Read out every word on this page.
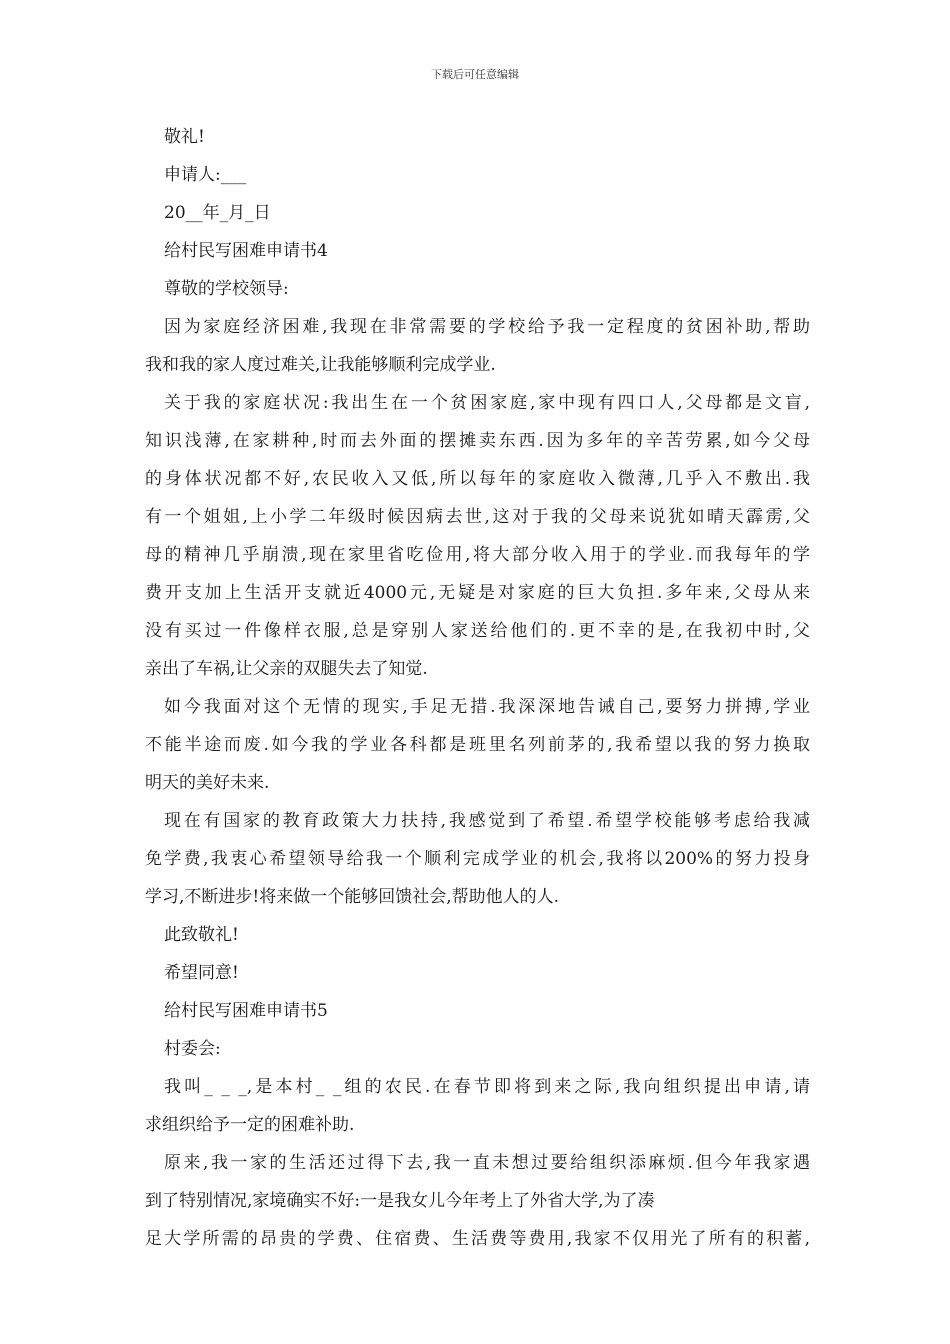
下载后可任意编辑

敬礼!

申请人:___

20__年_月_日

给村民写困难申请书4

尊敬的学校领导:

因为家庭经济困难,我现在非常需要的学校给予我一定程度的贫困补助,帮助

我和我的家人度过难关,让我能够顺利完成学业.

关于我的家庭状况:我出生在一个贫困家庭,家中现有四口人,父母都是文盲,

知识浅薄,在家耕种,时而去外面的摆摊卖东西.因为多年的辛苦劳累,如今父母

的身体状况都不好,农民收入又低,所以每年的家庭收入微薄,几乎入不敷出.我

有一个姐姐,上小学二年级时候因病去世,这对于我的父母来说犹如晴天霹雳,父

母的精神几乎崩溃,现在家里省吃俭用,将大部分收入用于的学业.而我每年的学

费开支加上生活开支就近4000元,无疑是对家庭的巨大负担.多年来,父母从来

没有买过一件像样衣服,总是穿别人家送给他们的.更不幸的是,在我初中时,父

亲出了车祸,让父亲的双腿失去了知觉.

如今我面对这个无情的现实,手足无措.我深深地告诫自己,要努力拼搏,学业

不能半途而废.如今我的学业各科都是班里名列前茅的,我希望以我的努力换取

明天的美好未来.

现在有国家的教育政策大力扶持,我感觉到了希望.希望学校能够考虑给我减

免学费,我衷心希望领导给我一个顺利完成学业的机会,我将以200%的努力投身

学习,不断进步!将来做一个能够回馈社会,帮助他人的人.

此致敬礼!

希望同意!

给村民写困难申请书5

村委会:

我叫_ _ _,是本村_ _组的农民.在春节即将到来之际,我向组织提出申请,请

求组织给予一定的困难补助.

原来,我一家的生活还过得下去,我一直未想过要给组织添麻烦.但今年我家遇

到了特别情况,家境确实不好:一是我女儿今年考上了外省大学,为了凑

足大学所需的昂贵的学费、住宿费、生活费等费用,我家不仅用光了所有的积蓄,
